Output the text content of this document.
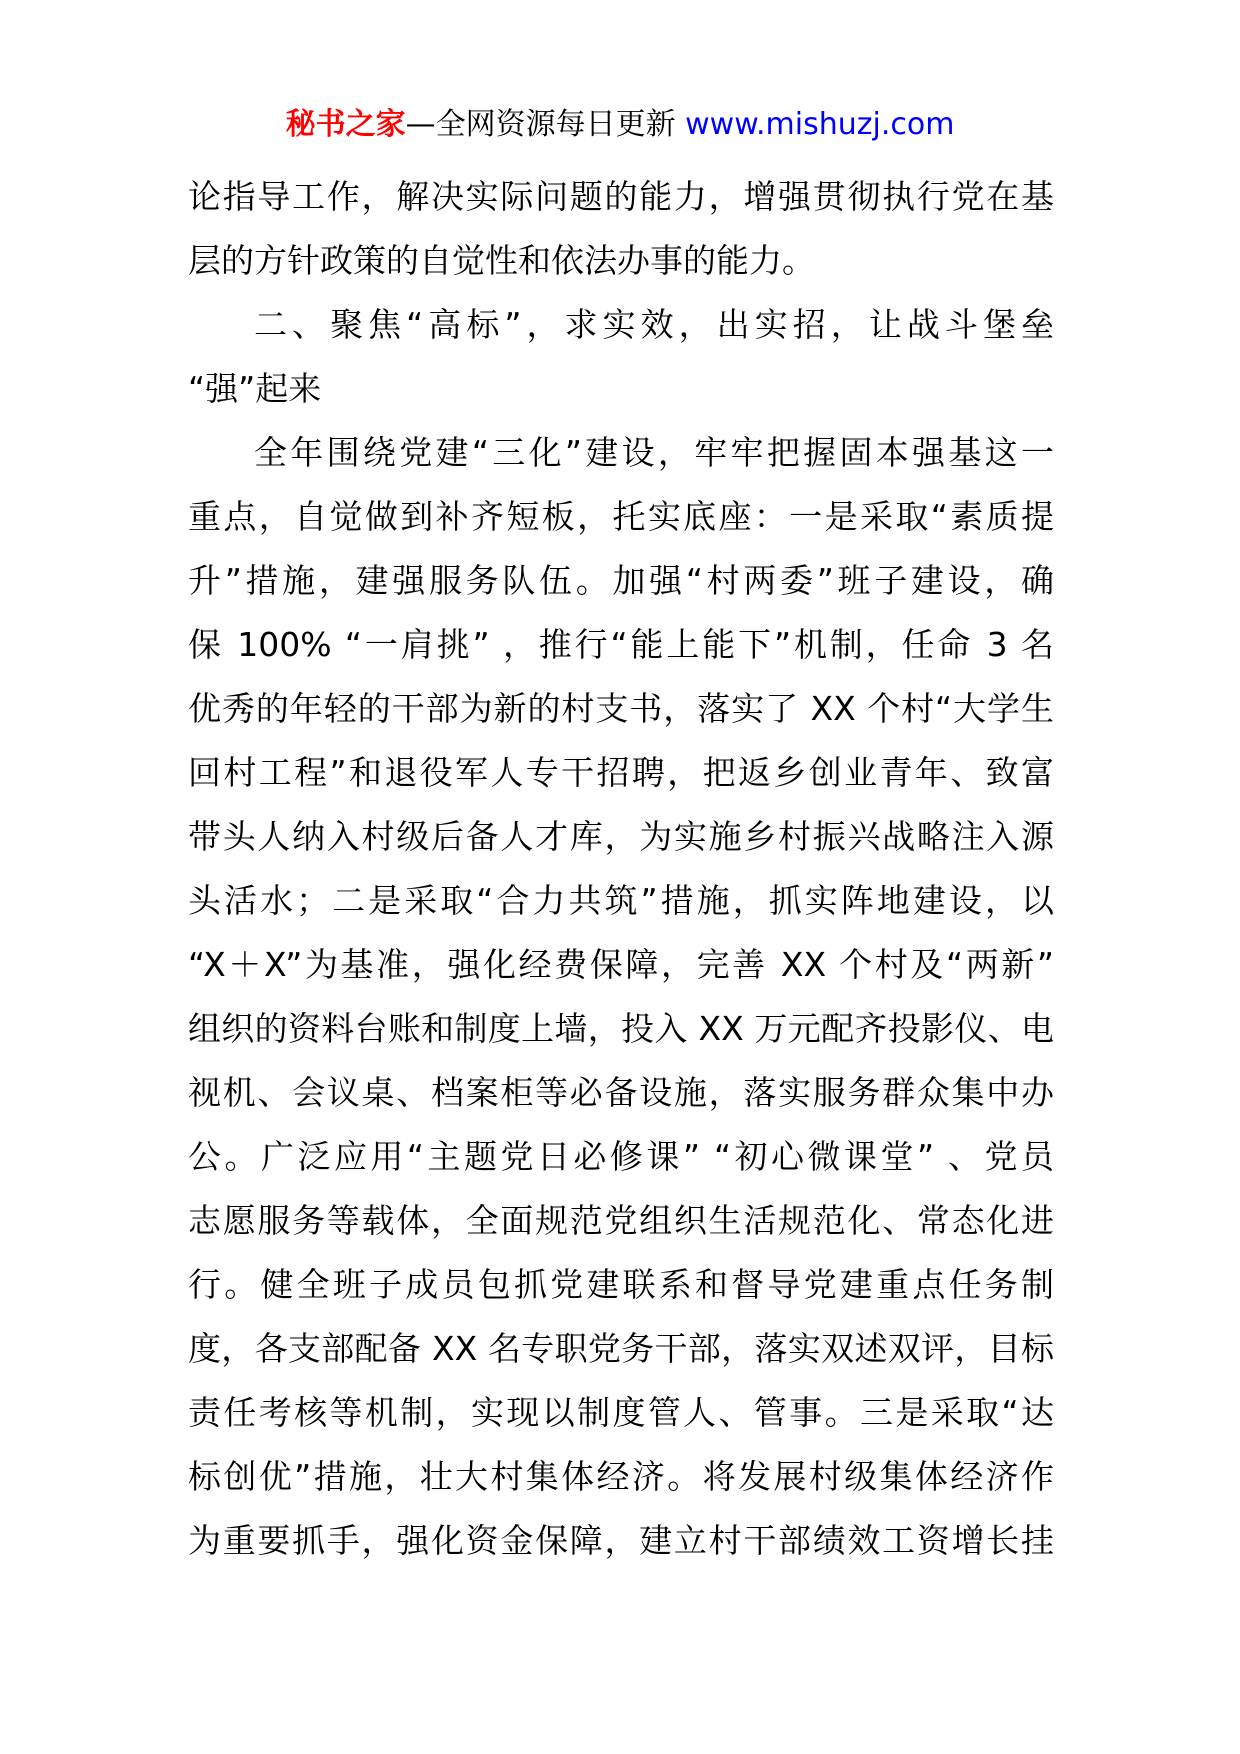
秘书之家—全网资源每日更新 www.mishuzj.com
论指导工作，解决实际问题的能力，增强贯彻执行党在基
层的方针政策的自觉性和依法办事的能力。
二、聚焦“高标”，求实效，出实招，让战斗堡垒
“强”起来
全年围绕党建“三化”建设，牢牢把握固本强基这一
重点，自觉做到补齐短板，托实底座：一是采取“素质提
升”措施，建强服务队伍。加强“村两委”班子建设，确
保 100% “一肩挑” ，推行“能上能下”机制，任命 3 名
优秀的年轻的干部为新的村支书，落实了 XX 个村“大学生
回村工程”和退役军人专干招聘，把返乡创业青年、致富
带头人纳入村级后备人才库，为实施乡村振兴战略注入源
头活水；二是采取“合力共筑”措施，抓实阵地建设，以
“X＋X”为基准，强化经费保障，完善 XX 个村及“两新”
组织的资料台账和制度上墙，投入 XX 万元配齐投影仪、电
视机、会议桌、档案柜等必备设施，落实服务群众集中办
公。广泛应用“主题党日必修课” “初心微课堂” 、党员
志愿服务等载体，全面规范党组织生活规范化、常态化进
行。健全班子成员包抓党建联系和督导党建重点任务制
度，各支部配备 XX 名专职党务干部，落实双述双评，目标
责任考核等机制，实现以制度管人、管事。三是采取“达
标创优”措施，壮大村集体经济。将发展村级集体经济作
为重要抓手，强化资金保障，建立村干部绩效工资增长挂
